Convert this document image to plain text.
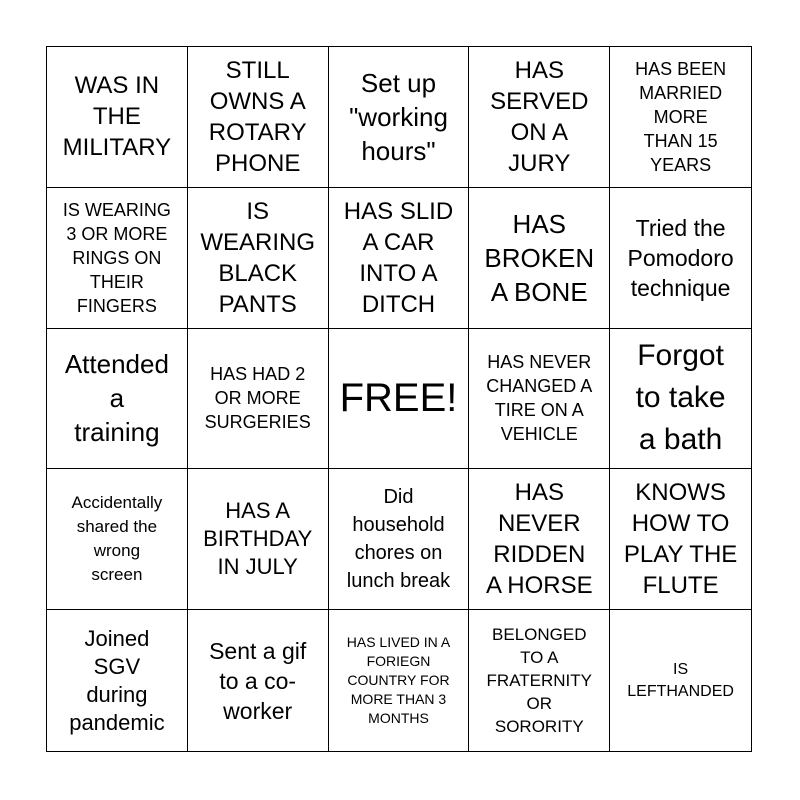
WAS IN
THE
MILITARY
STILL
OWNS A
ROTARY
PHONE
Set up
"working
hours"
HAS
SERVED
ON A
JURY
HAS BEEN
MARRIED
MORE
THAN 15
YEARS
IS WEARING
3 OR MORE
RINGS ON
THEIR
FINGERS
IS
WEARING
BLACK
PANTS
HAS SLID
A CAR
INTO A
DITCH
HAS
BROKEN
A BONE
Tried the
Pomodoro
technique
Attended
a
training
HAS HAD 2
OR MORE
SURGERIES
FREE!
HAS NEVER
CHANGED A
TIRE ON A
VEHICLE
Forgot
to take
a bath
Accidentally
shared the
wrong
screen
HAS A
BIRTHDAY
IN JULY
Did
household
chores on
lunch break
HAS
NEVER
RIDDEN
A HORSE
KNOWS
HOW TO
PLAY THE
FLUTE
Joined
SGV
during
pandemic
Sent a gif
to a co-
worker
HAS LIVED IN A
FORIEGN
COUNTRY FOR
MORE THAN 3
MONTHS
BELONGED
TO A
FRATERNITY
OR
SORORITY
IS
LEFTHANDED
